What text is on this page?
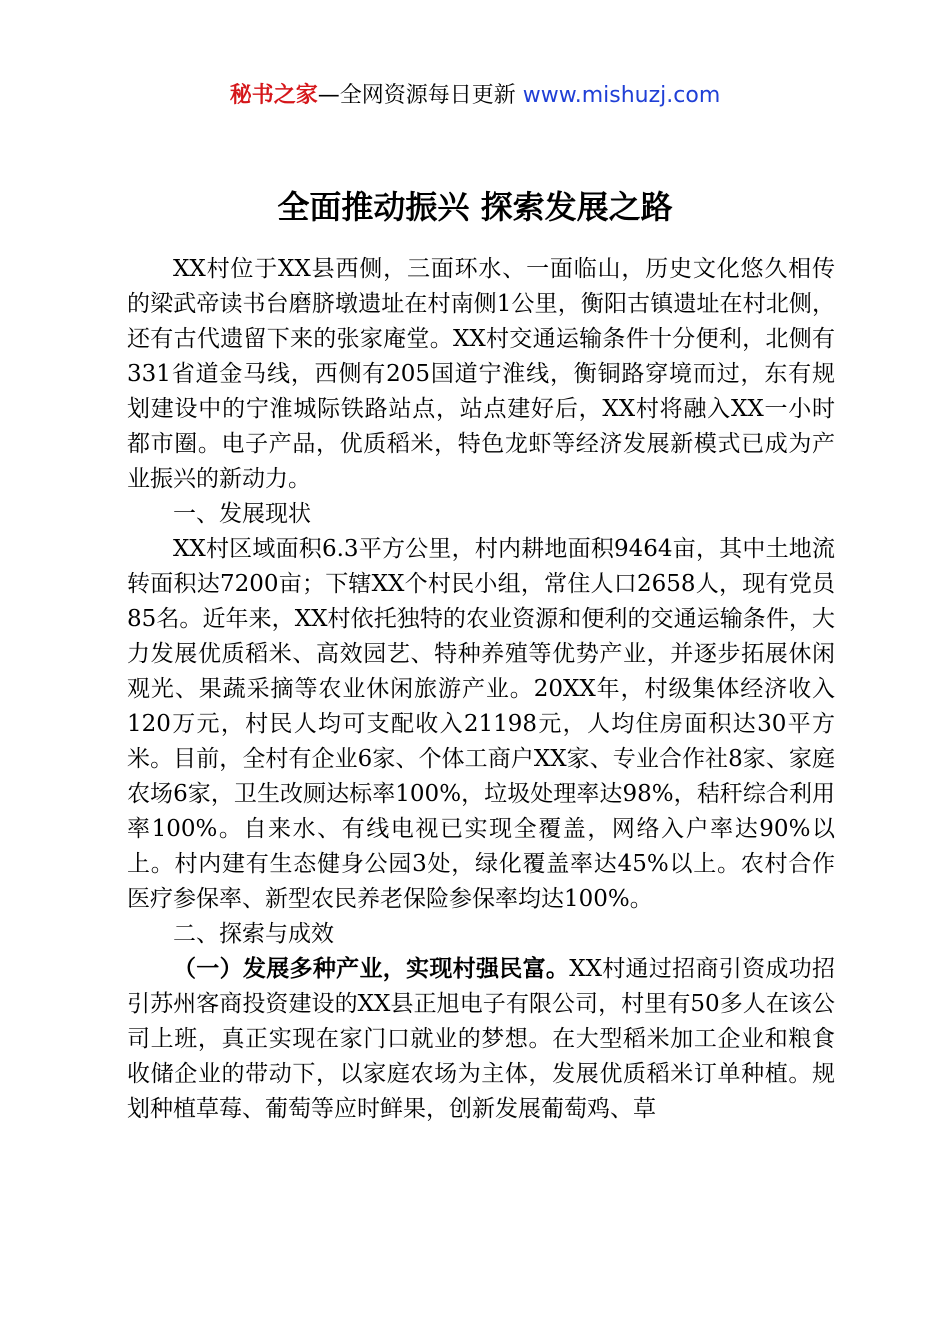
秘书之家—全网资源每日更新 www.mishuzj.com
全面推动振兴 探索发展之路

XX村位于XX县西侧，三面环水、一面临山，历史文化悠久相传的梁武帝读书台磨脐墩遗址在村南侧1公里，衡阳古镇遗址在村北侧，还有古代遗留下来的张家庵堂。XX村交通运输条件十分便利，北侧有331省道金马线，西侧有205国道宁淮线，衡铜路穿境而过，东有规划建设中的宁淮城际铁路站点，站点建好后，XX村将融入XX一小时都市圈。电子产品，优质稻米，特色龙虾等经济发展新模式已成为产业振兴的新动力。

一、发展现状

XX村区域面积6.3平方公里，村内耕地面积9464亩，其中土地流转面积达7200亩；下辖XX个村民小组，常住人口2658人，现有党员85名。近年来，XX村依托独特的农业资源和便利的交通运输条件，大力发展优质稻米、高效园艺、特种养殖等优势产业，并逐步拓展休闲观光、果蔬采摘等农业休闲旅游产业。20XX年，村级集体经济收入120万元，村民人均可支配收入21198元，人均住房面积达30平方米。目前，全村有企业6家、个体工商户XX家、专业合作社8家、家庭农场6家，卫生改厕达标率100%，垃圾处理率达98%，秸秆综合利用率100%。自来水、有线电视已实现全覆盖，网络入户率达90%以上。村内建有生态健身公园3处，绿化覆盖率达45%以上。农村合作医疗参保率、新型农民养老保险参保率均达100%。

二、探索与成效

（一）发展多种产业，实现村强民富。XX村通过招商引资成功招引苏州客商投资建设的XX县正旭电子有限公司，村里有50多人在该公司上班，真正实现在家门口就业的梦想。在大型稻米加工企业和粮食收储企业的带动下，以家庭农场为主体，发展优质稻米订单种植。规划种植草莓、葡萄等应时鲜果，创新发展葡萄鸡、草
